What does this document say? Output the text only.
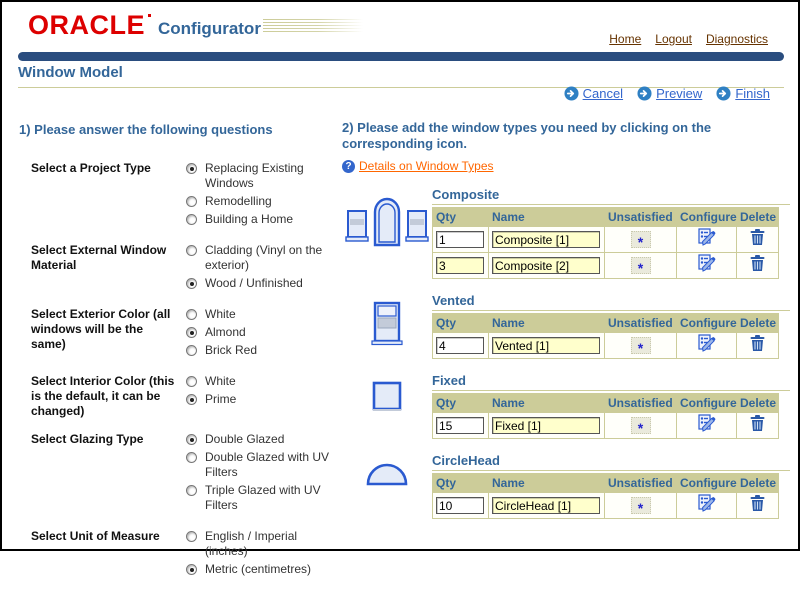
ORACLE Configurator
Home Logout Diagnostics
Window Model
Cancel	Preview	Finish
1) Please answer the following questions
Select a Project Type	Replacing Existing Windows
Remodelling
Building a Home
Select External Window Material
Cladding (Vinyl on the exterior)
Wood / Unfinished
Select Exterior Color (all windows will be the same)
White
Almond
Brick Red
Select Interior Color (this is the default, it can be changed)
White
Prime
Select Glazing Type	Double Glazed
Double Glazed with UV Filters
Triple Glazed with UV Filters
Select Unit of Measure	English / Imperial (inches)
Metric (centimetres)
2) Please add the window types you need by clicking on the corresponding icon.
? Details on Window Types
Composite
Qty	Name	Unsatisfied	Configure	Delete
1	Composite [1]	*		
3	Composite [2]	*		
Vented
Qty	Name	Unsatisfied	Configure	Delete
4	Vented [1]	*		
Fixed
Qty	Name	Unsatisfied	Configure	Delete
15	Fixed [1]	*		
CircleHead
Qty	Name	Unsatisfied	Configure	Delete
10	CircleHead [1]	*		
